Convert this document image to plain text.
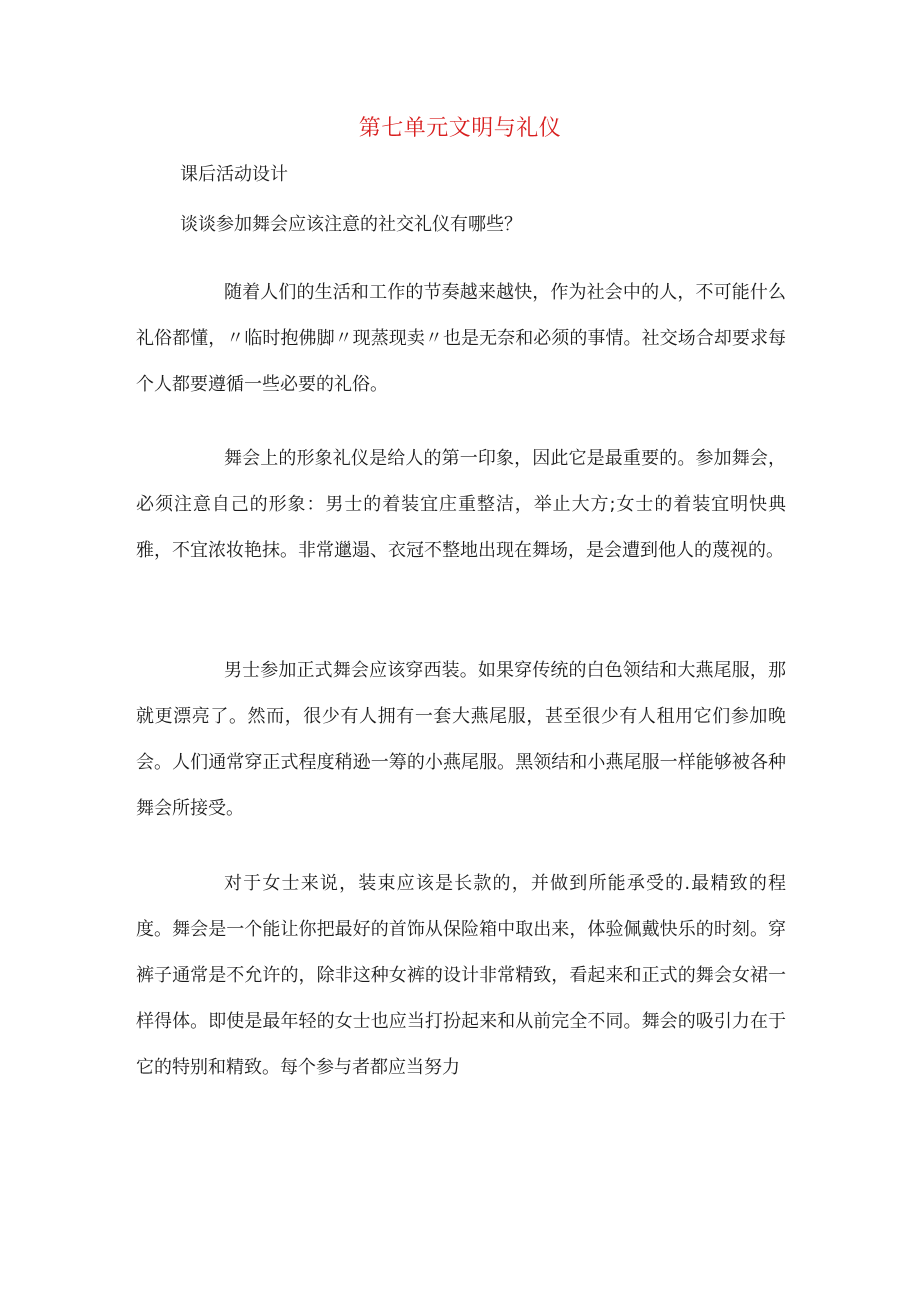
第七单元文明与礼仪
课后活动设计
谈谈参加舞会应该注意的社交礼仪有哪些？

随着人们的生活和工作的节奏越来越快，作为社会中的人，不可能什么礼俗都懂，〃临时抱佛脚〃现蒸现卖〃也是无奈和必须的事情。社交场合却要求每个人都要遵循一些必要的礼俗。

舞会上的形象礼仪是给人的第一印象，因此它是最重要的。参加舞会，必须注意自己的形象：男士的着装宜庄重整洁，举止大方;女士的着装宜明快典雅，不宜浓妆艳抹。非常邋遢、衣冠不整地出现在舞场，是会遭到他人的蔑视的。

男士参加正式舞会应该穿西装。如果穿传统的白色领结和大燕尾服，那就更漂亮了。然而，很少有人拥有一套大燕尾服，甚至很少有人租用它们参加晚会。人们通常穿正式程度稍逊一筹的小燕尾服。黑领结和小燕尾服一样能够被各种舞会所接受。

对于女士来说，装束应该是长款的，并做到所能承受的.最精致的程度。舞会是一个能让你把最好的首饰从保险箱中取出来，体验佩戴快乐的时刻。穿裤子通常是不允许的，除非这种女裤的设计非常精致，看起来和正式的舞会女裙一样得体。即使是最年轻的女士也应当打扮起来和从前完全不同。舞会的吸引力在于它的特别和精致。每个参与者都应当努力
